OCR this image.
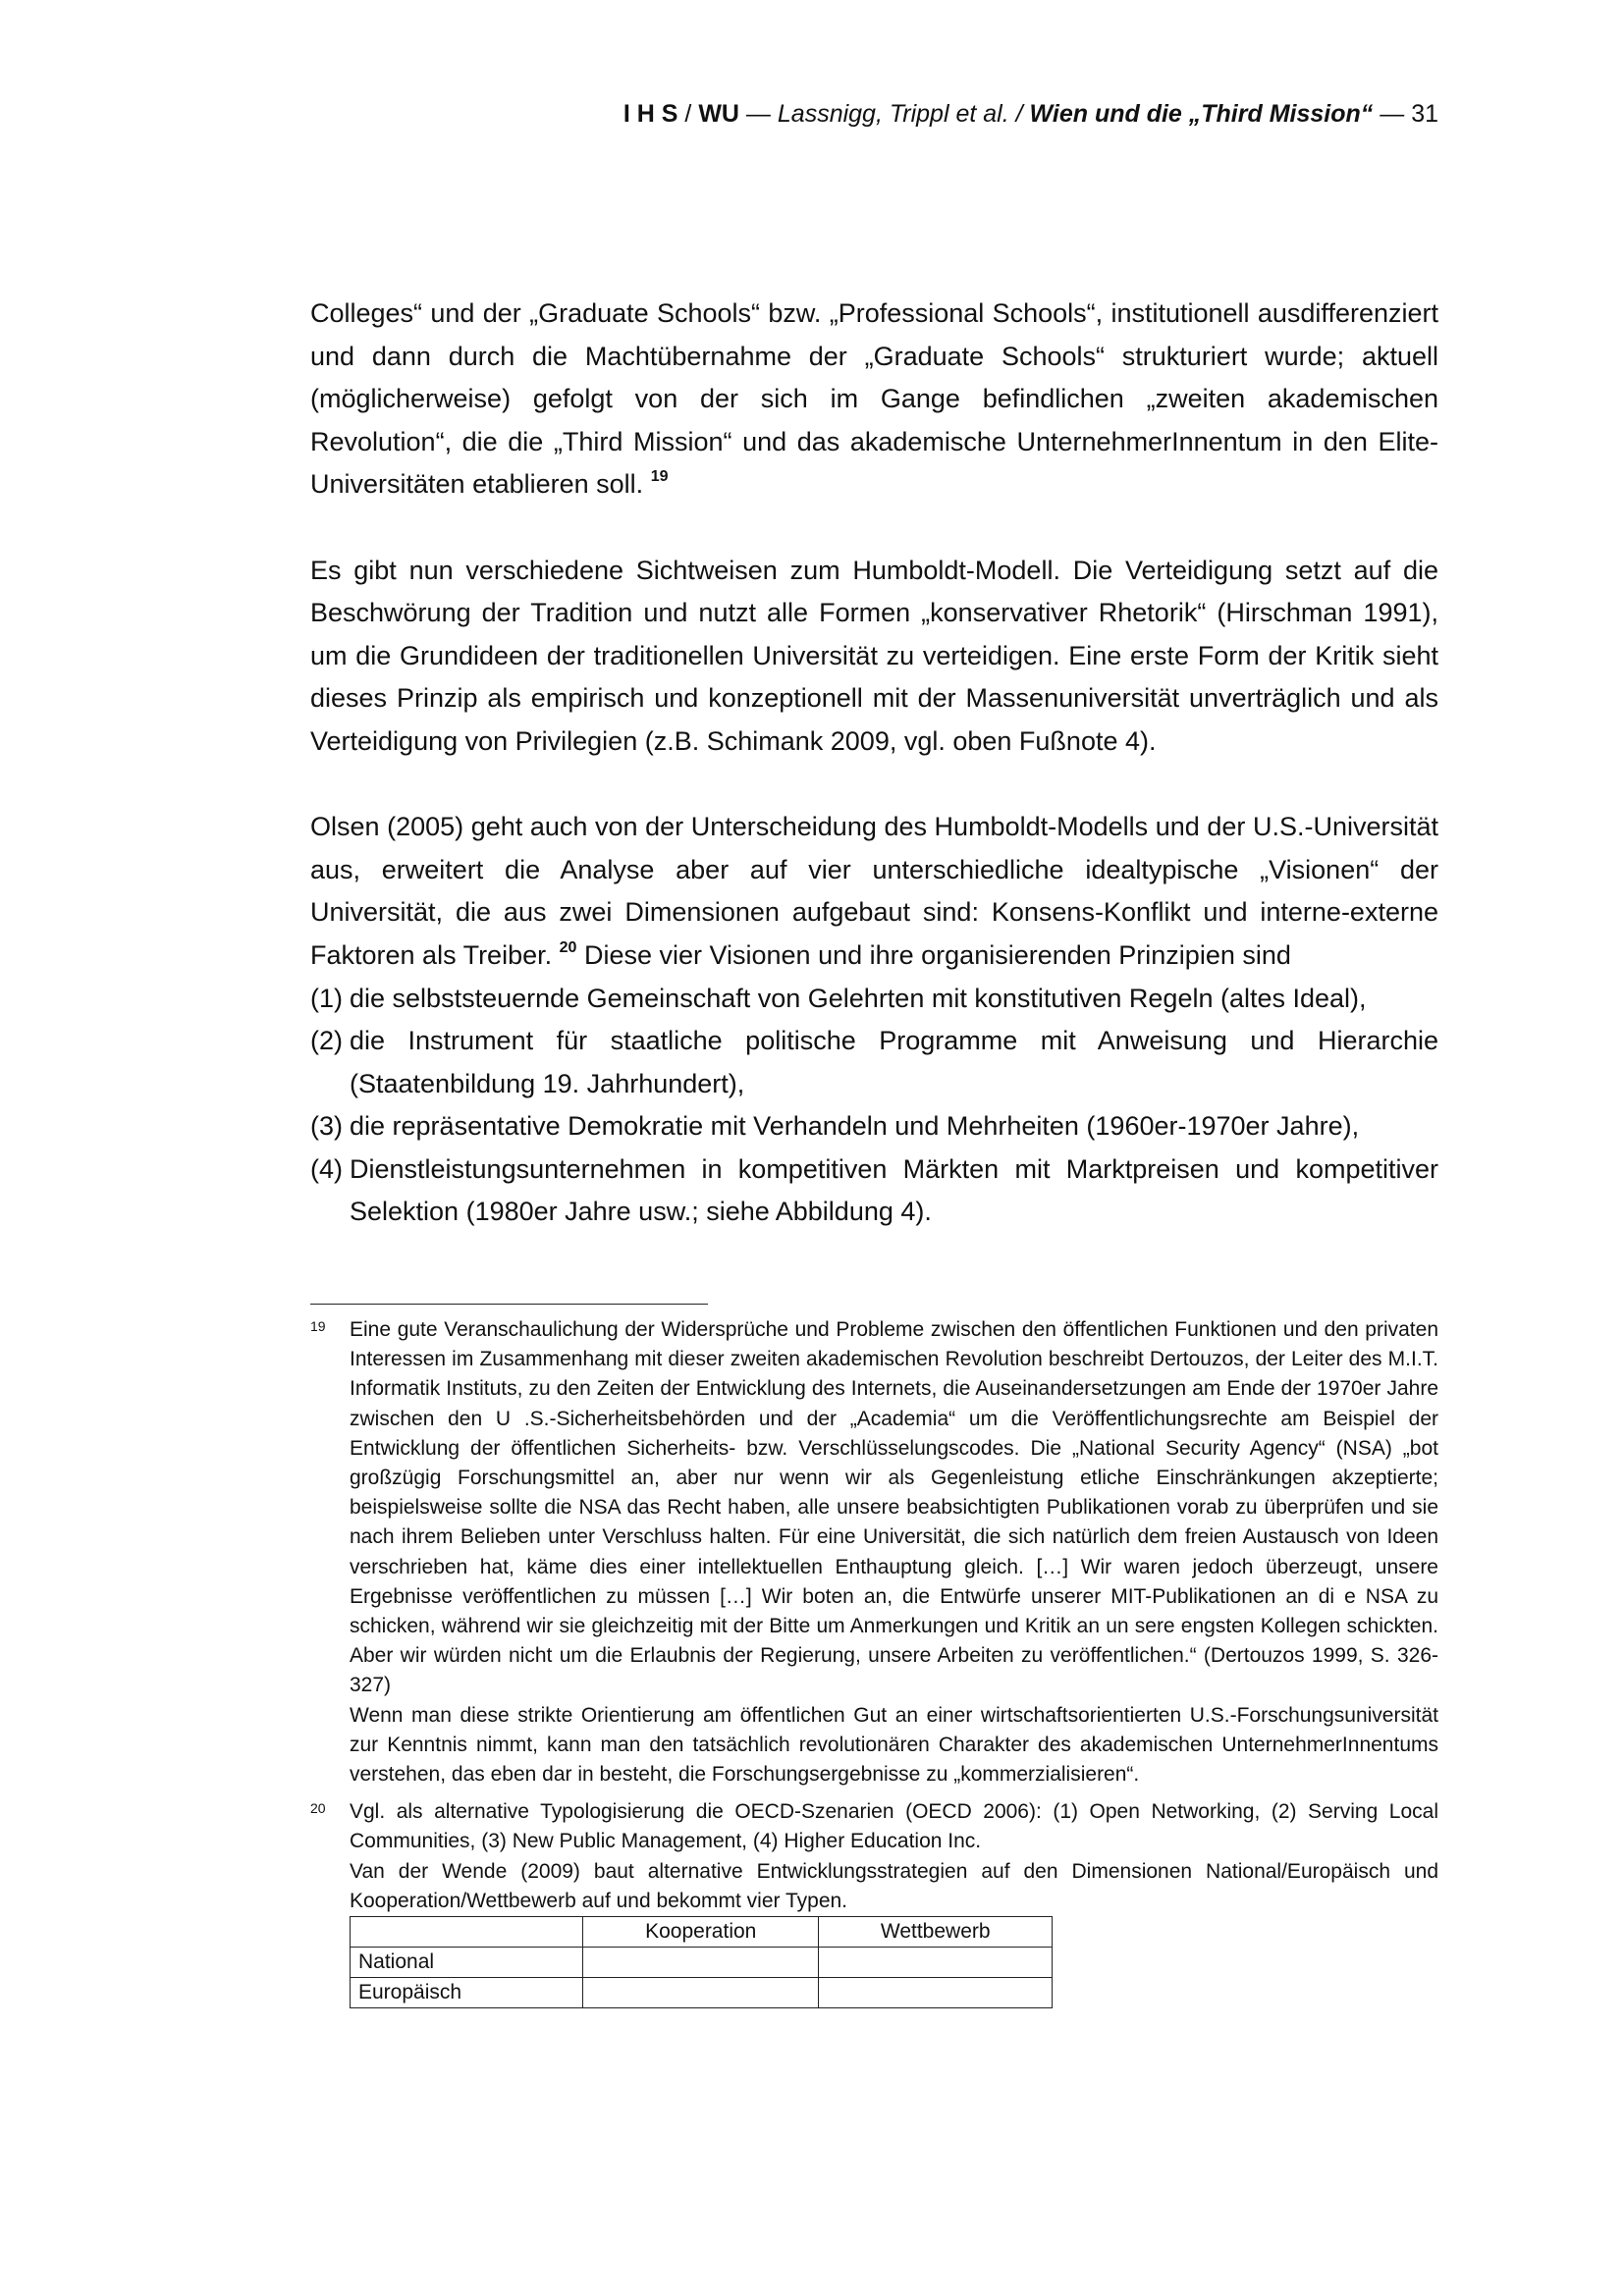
I H S / WU — Lassnigg, Trippl et al. / Wien und die „Third Mission“ — 31

Colleges“ und der „Graduate Schools“ bzw. „Professional Schools“, institutionell ausdifferenziert und dann durch die Machtübernahme der „Graduate Schools“ strukturiert wurde; aktuell (möglicherweise) gefolgt von der sich im Gange befindlichen „zweiten akademischen Revolution“, die die „Third Mission“ und das akademische UnternehmerInnentum in den Elite-Universitäten etablieren soll. $^{19}$

Es gibt nun verschiedene Sichtweisen zum Humboldt-Modell. Die Verteidigung setzt auf die Beschwörung der Tradition und nutzt alle Formen „konservativer Rhetorik“ (Hirschman 1991), um die Grundideen der traditionellen Universität zu verteidigen. Eine erste Form der Kritik sieht dieses Prinzip als empirisch und konzeptionell mit der Massenuniversität unverträglich und als Verteidigung von Privilegien (z.B. Schimank 2009, vgl. oben Fußnote 4).

Olsen (2005) geht auch von der Unterscheidung des Humboldt-Modells und der U.S.-Universität aus, erweitert die Analyse aber auf vier unterschiedliche idealtypische „Visionen“ der Universität, die aus zwei Dimensionen aufgebaut sind: Konsens-Konflikt und interne-externe Faktoren als Treiber. $^{20}$ Diese vier Visionen und ihre organisierenden Prinzipien sind

(1) die selbststeuernde Gemeinschaft von Gelehrten mit konstitutiven Regeln (altes Ideal),
(2) die Instrument für staatliche politische Programme mit Anweisung und Hierarchie (Staatenbildung 19. Jahrhundert),
(3) die repräsentative Demokratie mit Verhandeln und Mehrheiten (1960er-1970er Jahre),
(4) Dienstleistungsunternehmen in kompetitiven Märkten mit Marktpreisen und kompetitiver Selektion (1980er Jahre usw.; siehe Abbildung 4).
19 Eine gute Veranschaulichung der Widersprüche und Probleme zwischen den öffentlichen Funktionen und den privaten Interessen im Zusammenhang mit dieser zweiten akademischen Revolution beschreibt Dertouzos, der Leiter des M.I.T. Informatik Instituts, zu den Zeiten der Entwicklung des Internets, die Auseinandersetzungen am Ende der 1970er Jahre zwischen den U .S.-Sicherheitsbehörden und der „Academia“ um die Veröffentlichungsrechte am Beispiel der Entwicklung der öffentlichen Sicherheits- bzw. Verschlüsselungscodes. Die „National Security Agency“ (NSA) „bot großzügig Forschungsmittel an, aber nur wenn wir als Gegenleistung etliche Einschränkungen akzeptierte; beispielsweise sollte die NSA das Recht haben, alle unsere beabsichtigten Publikationen vorab zu überprüfen und sie nach ihrem Belieben unter Verschluss halten. Für eine Universität, die sich natürlich dem freien Austausch von Ideen verschrieben hat, käme dies einer intellektuellen Enthauptung gleich. […] Wir waren jedoch überzeugt, unsere Ergebnisse veröffentlichen zu müssen […] Wir boten an, die Entwürfe unserer MIT-Publikationen an di e NSA zu schicken, während wir sie gleichzeitig mit der Bitte um Anmerkungen und Kritik an un sere engsten Kollegen schickten. Aber wir würden nicht um die Erlaubnis der Regierung, unsere Arbeiten zu veröffentlichen.“ (Dertouzos 1999, S. 326-327)

Wenn man diese strikte Orientierung am öffentlichen Gut an einer wirtschaftsorientierten U.S.-Forschungsuniversität zur Kenntnis nimmt, kann man den tatsächlich revolutionären Charakter des akademischen UnternehmerInnentums verstehen, das eben dar in besteht, die Forschungsergebnisse zu „kommerzialisieren“.

20 Vgl. als alternative Typologisierung die OECD-Szenarien (OECD 2006): (1) Open Networking, (2) Serving Local Communities, (3) New Public Management, (4) Higher Education Inc.

Van der Wende (2009) baut alternative Entwicklungsstrategien auf den Dimensionen National/Europäisch und Kooperation/Wettbewerb auf und bekommt vier Typen.

	Kooperation	Wettbewerb
National		
Europäisch		
